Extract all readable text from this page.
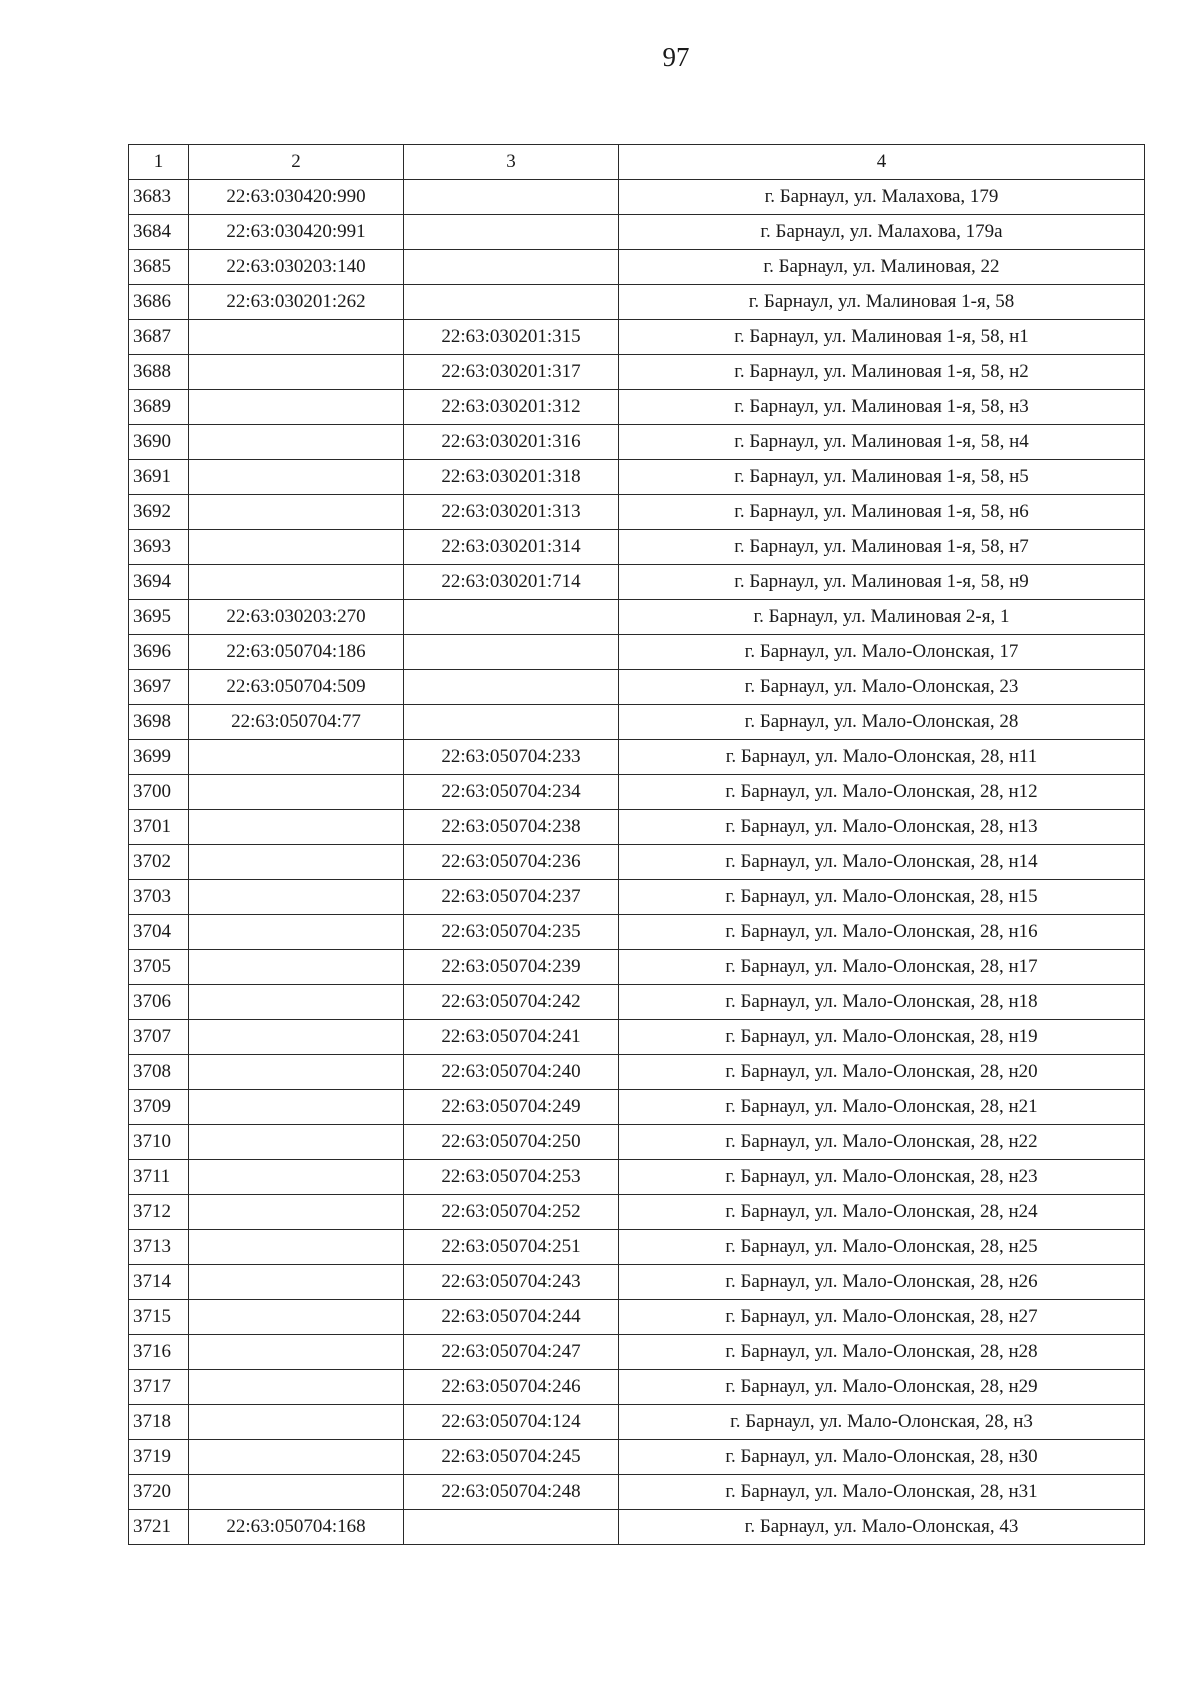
97
1	2	3	4
3683	22:63:030420:990		г. Барнаул, ул. Малахова, 179
3684	22:63:030420:991		г. Барнаул, ул. Малахова, 179а
3685	22:63:030203:140		г. Барнаул, ул. Малиновая, 22
3686	22:63:030201:262		г. Барнаул, ул. Малиновая 1-я, 58
3687		22:63:030201:315	г. Барнаул, ул. Малиновая 1-я, 58, н1
3688		22:63:030201:317	г. Барнаул, ул. Малиновая 1-я, 58, н2
3689		22:63:030201:312	г. Барнаул, ул. Малиновая 1-я, 58, н3
3690		22:63:030201:316	г. Барнаул, ул. Малиновая 1-я, 58, н4
3691		22:63:030201:318	г. Барнаул, ул. Малиновая 1-я, 58, н5
3692		22:63:030201:313	г. Барнаул, ул. Малиновая 1-я, 58, н6
3693		22:63:030201:314	г. Барнаул, ул. Малиновая 1-я, 58, н7
3694		22:63:030201:714	г. Барнаул, ул. Малиновая 1-я, 58, н9
3695	22:63:030203:270		г. Барнаул, ул. Малиновая 2-я, 1
3696	22:63:050704:186		г. Барнаул, ул. Мало-Олонская, 17
3697	22:63:050704:509		г. Барнаул, ул. Мало-Олонская, 23
3698	22:63:050704:77		г. Барнаул, ул. Мало-Олонская, 28
3699		22:63:050704:233	г. Барнаул, ул. Мало-Олонская, 28, н11
3700		22:63:050704:234	г. Барнаул, ул. Мало-Олонская, 28, н12
3701		22:63:050704:238	г. Барнаул, ул. Мало-Олонская, 28, н13
3702		22:63:050704:236	г. Барнаул, ул. Мало-Олонская, 28, н14
3703		22:63:050704:237	г. Барнаул, ул. Мало-Олонская, 28, н15
3704		22:63:050704:235	г. Барнаул, ул. Мало-Олонская, 28, н16
3705		22:63:050704:239	г. Барнаул, ул. Мало-Олонская, 28, н17
3706		22:63:050704:242	г. Барнаул, ул. Мало-Олонская, 28, н18
3707		22:63:050704:241	г. Барнаул, ул. Мало-Олонская, 28, н19
3708		22:63:050704:240	г. Барнаул, ул. Мало-Олонская, 28, н20
3709		22:63:050704:249	г. Барнаул, ул. Мало-Олонская, 28, н21
3710		22:63:050704:250	г. Барнаул, ул. Мало-Олонская, 28, н22
3711		22:63:050704:253	г. Барнаул, ул. Мало-Олонская, 28, н23
3712		22:63:050704:252	г. Барнаул, ул. Мало-Олонская, 28, н24
3713		22:63:050704:251	г. Барнаул, ул. Мало-Олонская, 28, н25
3714		22:63:050704:243	г. Барнаул, ул. Мало-Олонская, 28, н26
3715		22:63:050704:244	г. Барнаул, ул. Мало-Олонская, 28, н27
3716		22:63:050704:247	г. Барнаул, ул. Мало-Олонская, 28, н28
3717		22:63:050704:246	г. Барнаул, ул. Мало-Олонская, 28, н29
3718		22:63:050704:124	г. Барнаул, ул. Мало-Олонская, 28, н3
3719		22:63:050704:245	г. Барнаул, ул. Мало-Олонская, 28, н30
3720		22:63:050704:248	г. Барнаул, ул. Мало-Олонская, 28, н31
3721	22:63:050704:168		г. Барнаул, ул. Мало-Олонская, 43
